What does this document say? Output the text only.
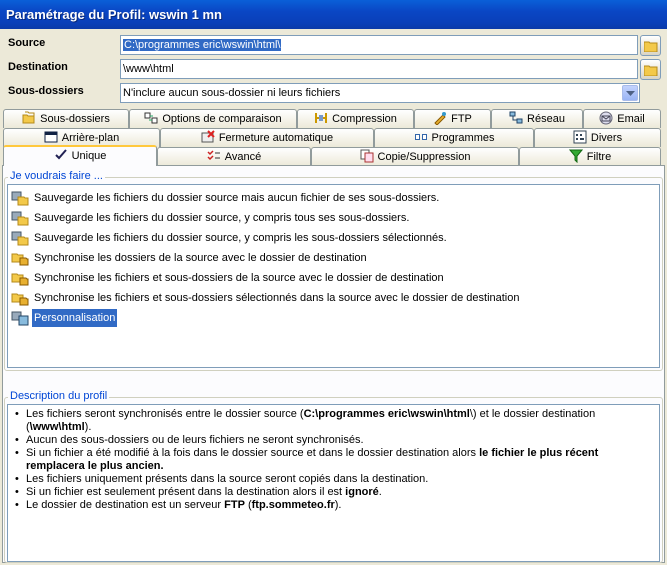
Paramétrage du Profil: wswin 1 mn
Source	C:\programmes eric\wswin\html\
Destination	\www\html
Sous-dossiers	N'inclure aucun sous-dossier ni leurs fichiers
Sous-dossiers	Options de comparaison	Compression	FTP	Réseau	Email
Arrière-plan	Fermeture automatique	Programmes	Divers
Unique	Avancé	Copie/Suppression	Filtre
Je voudrais faire ...
Sauvegarde les fichiers du dossier source mais aucun fichier de ses sous-dossiers.
Sauvegarde les fichiers du dossier source, y compris tous ses sous-dossiers.
Sauvegarde les fichiers du dossier source, y compris les sous-dossiers sélectionnés.
Synchronise les dossiers de la source avec le dossier de destination
Synchronise les fichiers et sous-dossiers de la source avec le dossier de destination
Synchronise les fichiers et sous-dossiers sélectionnés dans la source avec le dossier de destination
Personnalisation
Description du profil
• Les fichiers seront synchronisés entre le dossier source (C:\programmes eric\wswin\html\) et le dossier destination (\www\html).
• Aucun des sous-dossiers ou de leurs fichiers ne seront synchronisés.
• Si un fichier a été modifié à la fois dans le dossier source et dans le dossier destination alors le fichier le plus récent remplacera le plus ancien.
• Les fichiers uniquement présents dans la source seront copiés dans la destination.
• Si un fichier est seulement présent dans la destination alors il est ignoré.
• Le dossier de destination est un serveur FTP (ftp.sommeteo.fr).
